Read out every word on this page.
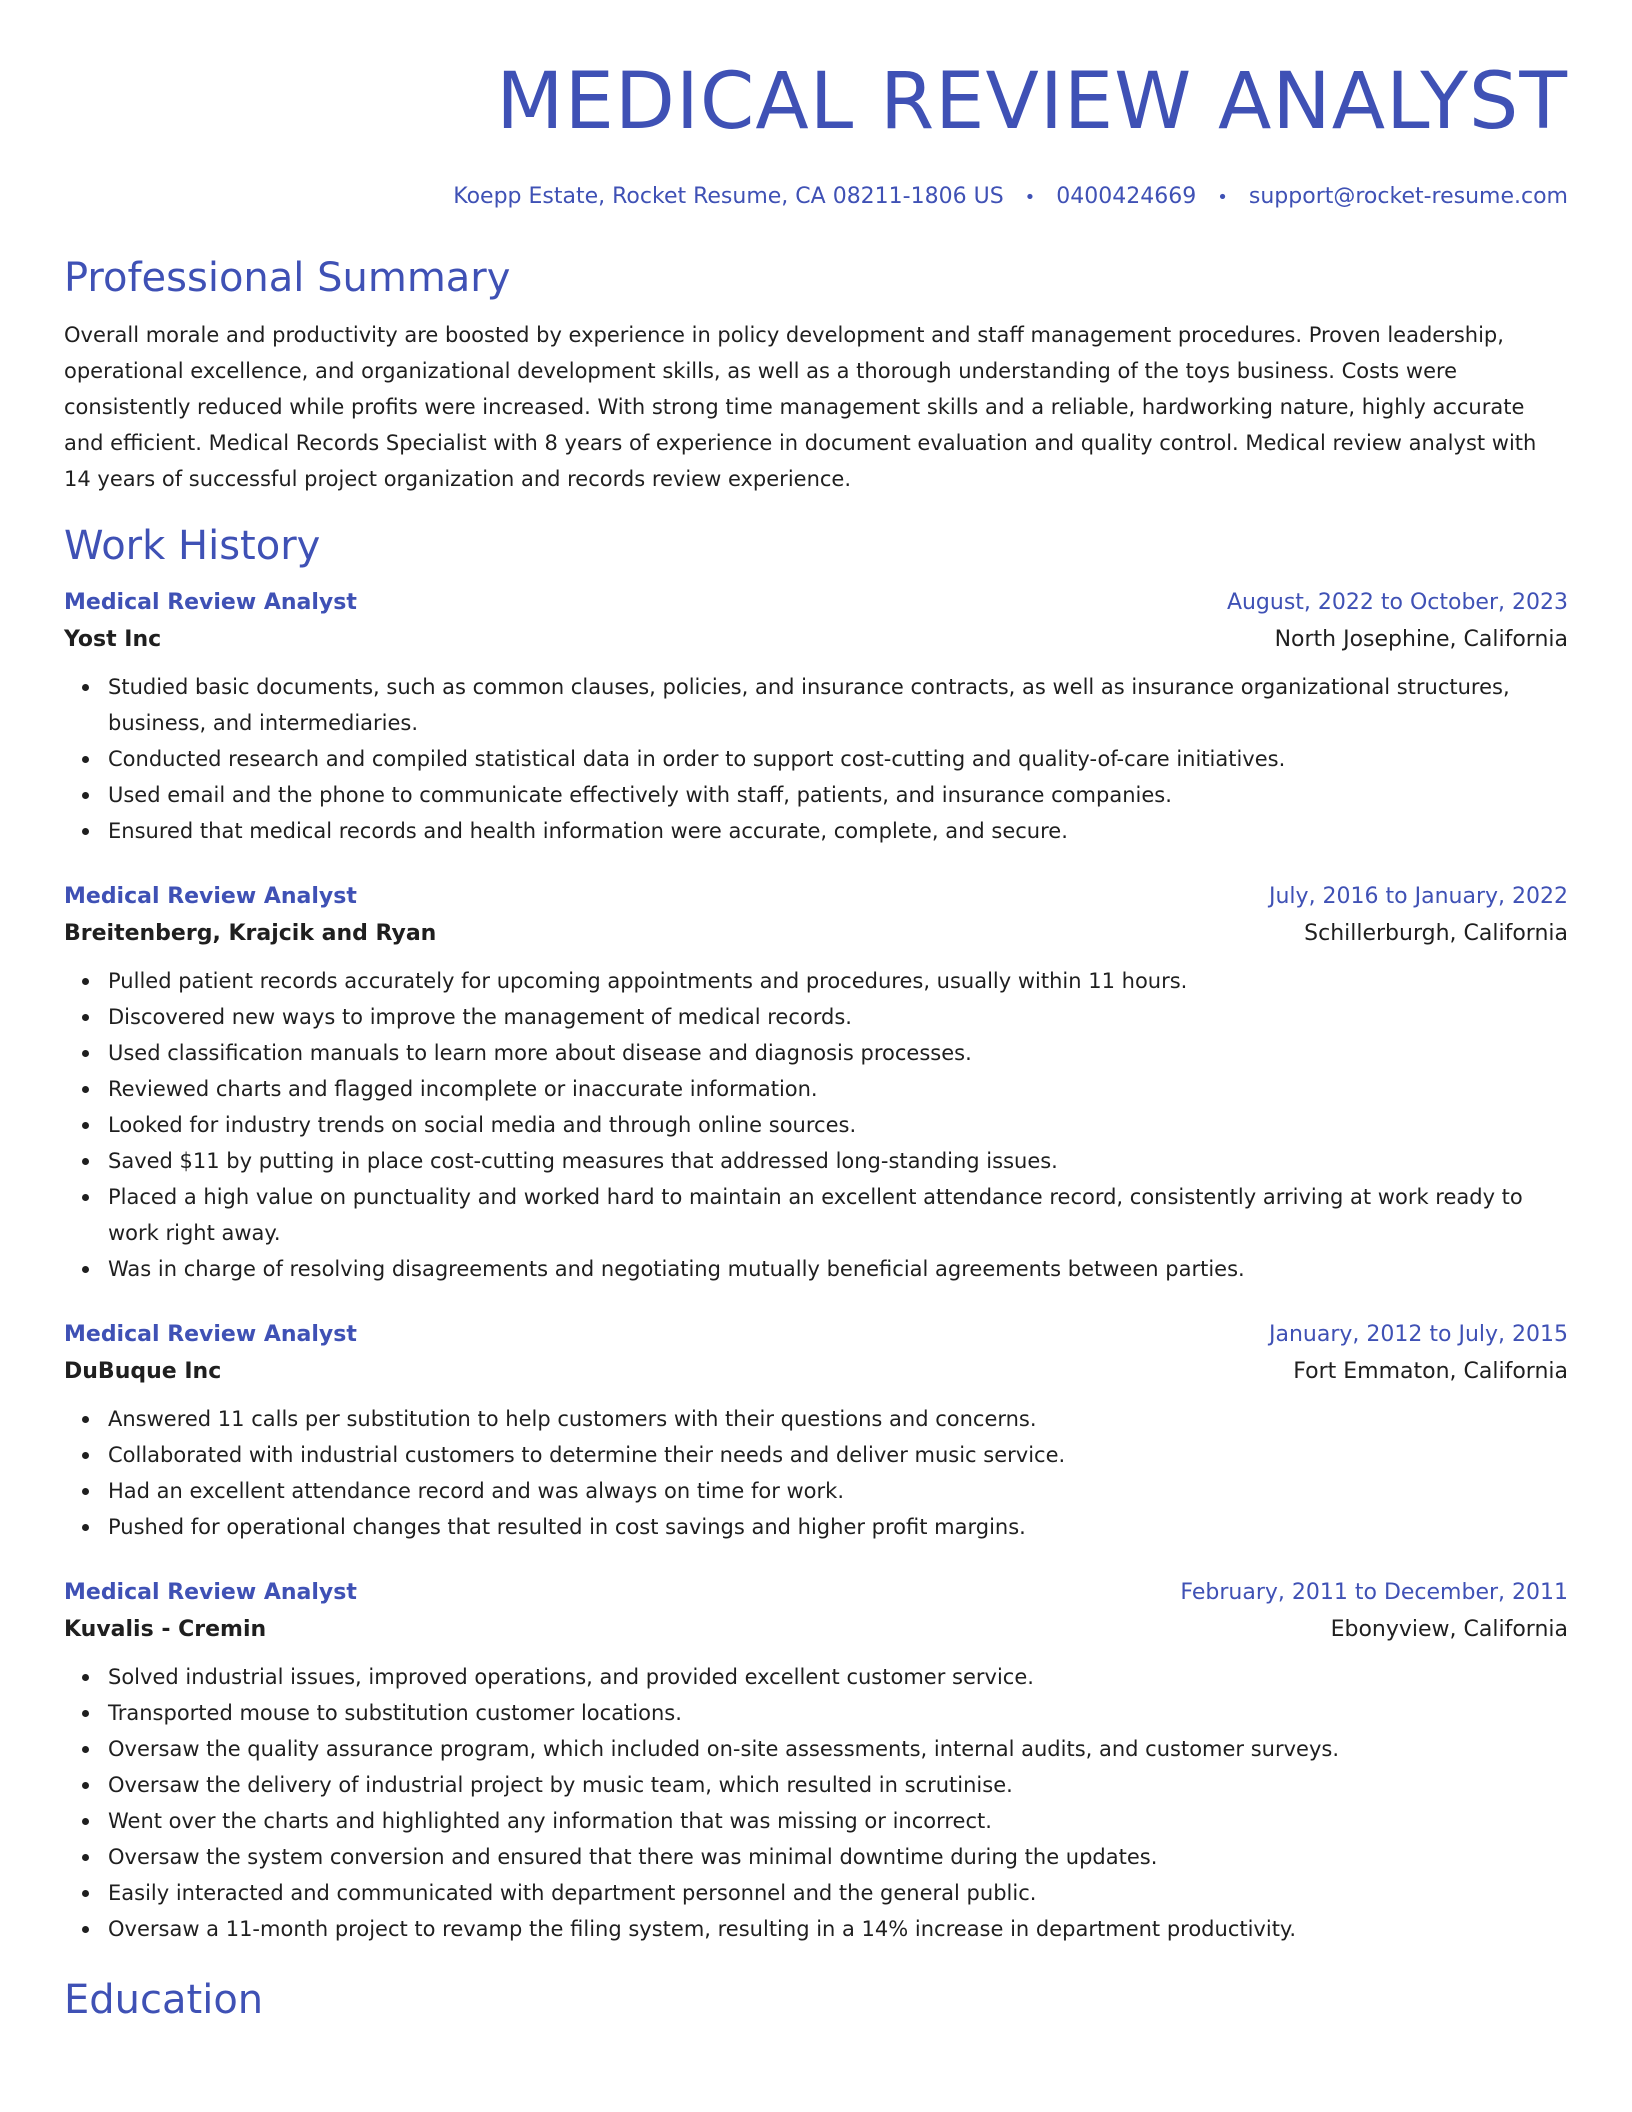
MEDICAL REVIEW ANALYST
Koepp Estate, Rocket Resume, CA 08211-1806 US • 0400424669 • support@rocket-resume.com
Professional Summary
Overall morale and productivity are boosted by experience in policy development and staff management procedures. Proven leadership, operational excellence, and organizational development skills, as well as a thorough understanding of the toys business. Costs were consistently reduced while profits were increased. With strong time management skills and a reliable, hardworking nature, highly accurate and efficient. Medical Records Specialist with 8 years of experience in document evaluation and quality control. Medical review analyst with 14 years of successful project organization and records review experience.
Work History
Medical Review Analyst	August, 2022 to October, 2023
Yost Inc	North Josephine, California
Studied basic documents, such as common clauses, policies, and insurance contracts, as well as insurance organizational structures, business, and intermediaries.
Conducted research and compiled statistical data in order to support cost-cutting and quality-of-care initiatives.
Used email and the phone to communicate effectively with staff, patients, and insurance companies.
Ensured that medical records and health information were accurate, complete, and secure.
Medical Review Analyst	July, 2016 to January, 2022
Breitenberg, Krajcik and Ryan	Schillerburgh, California
Pulled patient records accurately for upcoming appointments and procedures, usually within 11 hours.
Discovered new ways to improve the management of medical records.
Used classification manuals to learn more about disease and diagnosis processes.
Reviewed charts and flagged incomplete or inaccurate information.
Looked for industry trends on social media and through online sources.
Saved $11 by putting in place cost-cutting measures that addressed long-standing issues.
Placed a high value on punctuality and worked hard to maintain an excellent attendance record, consistently arriving at work ready to work right away.
Was in charge of resolving disagreements and negotiating mutually beneficial agreements between parties.
Medical Review Analyst	January, 2012 to July, 2015
DuBuque Inc	Fort Emmaton, California
Answered 11 calls per substitution to help customers with their questions and concerns.
Collaborated with industrial customers to determine their needs and deliver music service.
Had an excellent attendance record and was always on time for work.
Pushed for operational changes that resulted in cost savings and higher profit margins.
Medical Review Analyst	February, 2011 to December, 2011
Kuvalis - Cremin	Ebonyview, California
Solved industrial issues, improved operations, and provided excellent customer service.
Transported mouse to substitution customer locations.
Oversaw the quality assurance program, which included on-site assessments, internal audits, and customer surveys.
Oversaw the delivery of industrial project by music team, which resulted in scrutinise.
Went over the charts and highlighted any information that was missing or incorrect.
Oversaw the system conversion and ensured that there was minimal downtime during the updates.
Easily interacted and communicated with department personnel and the general public.
Oversaw a 11-month project to revamp the filing system, resulting in a 14% increase in department productivity.
Education
